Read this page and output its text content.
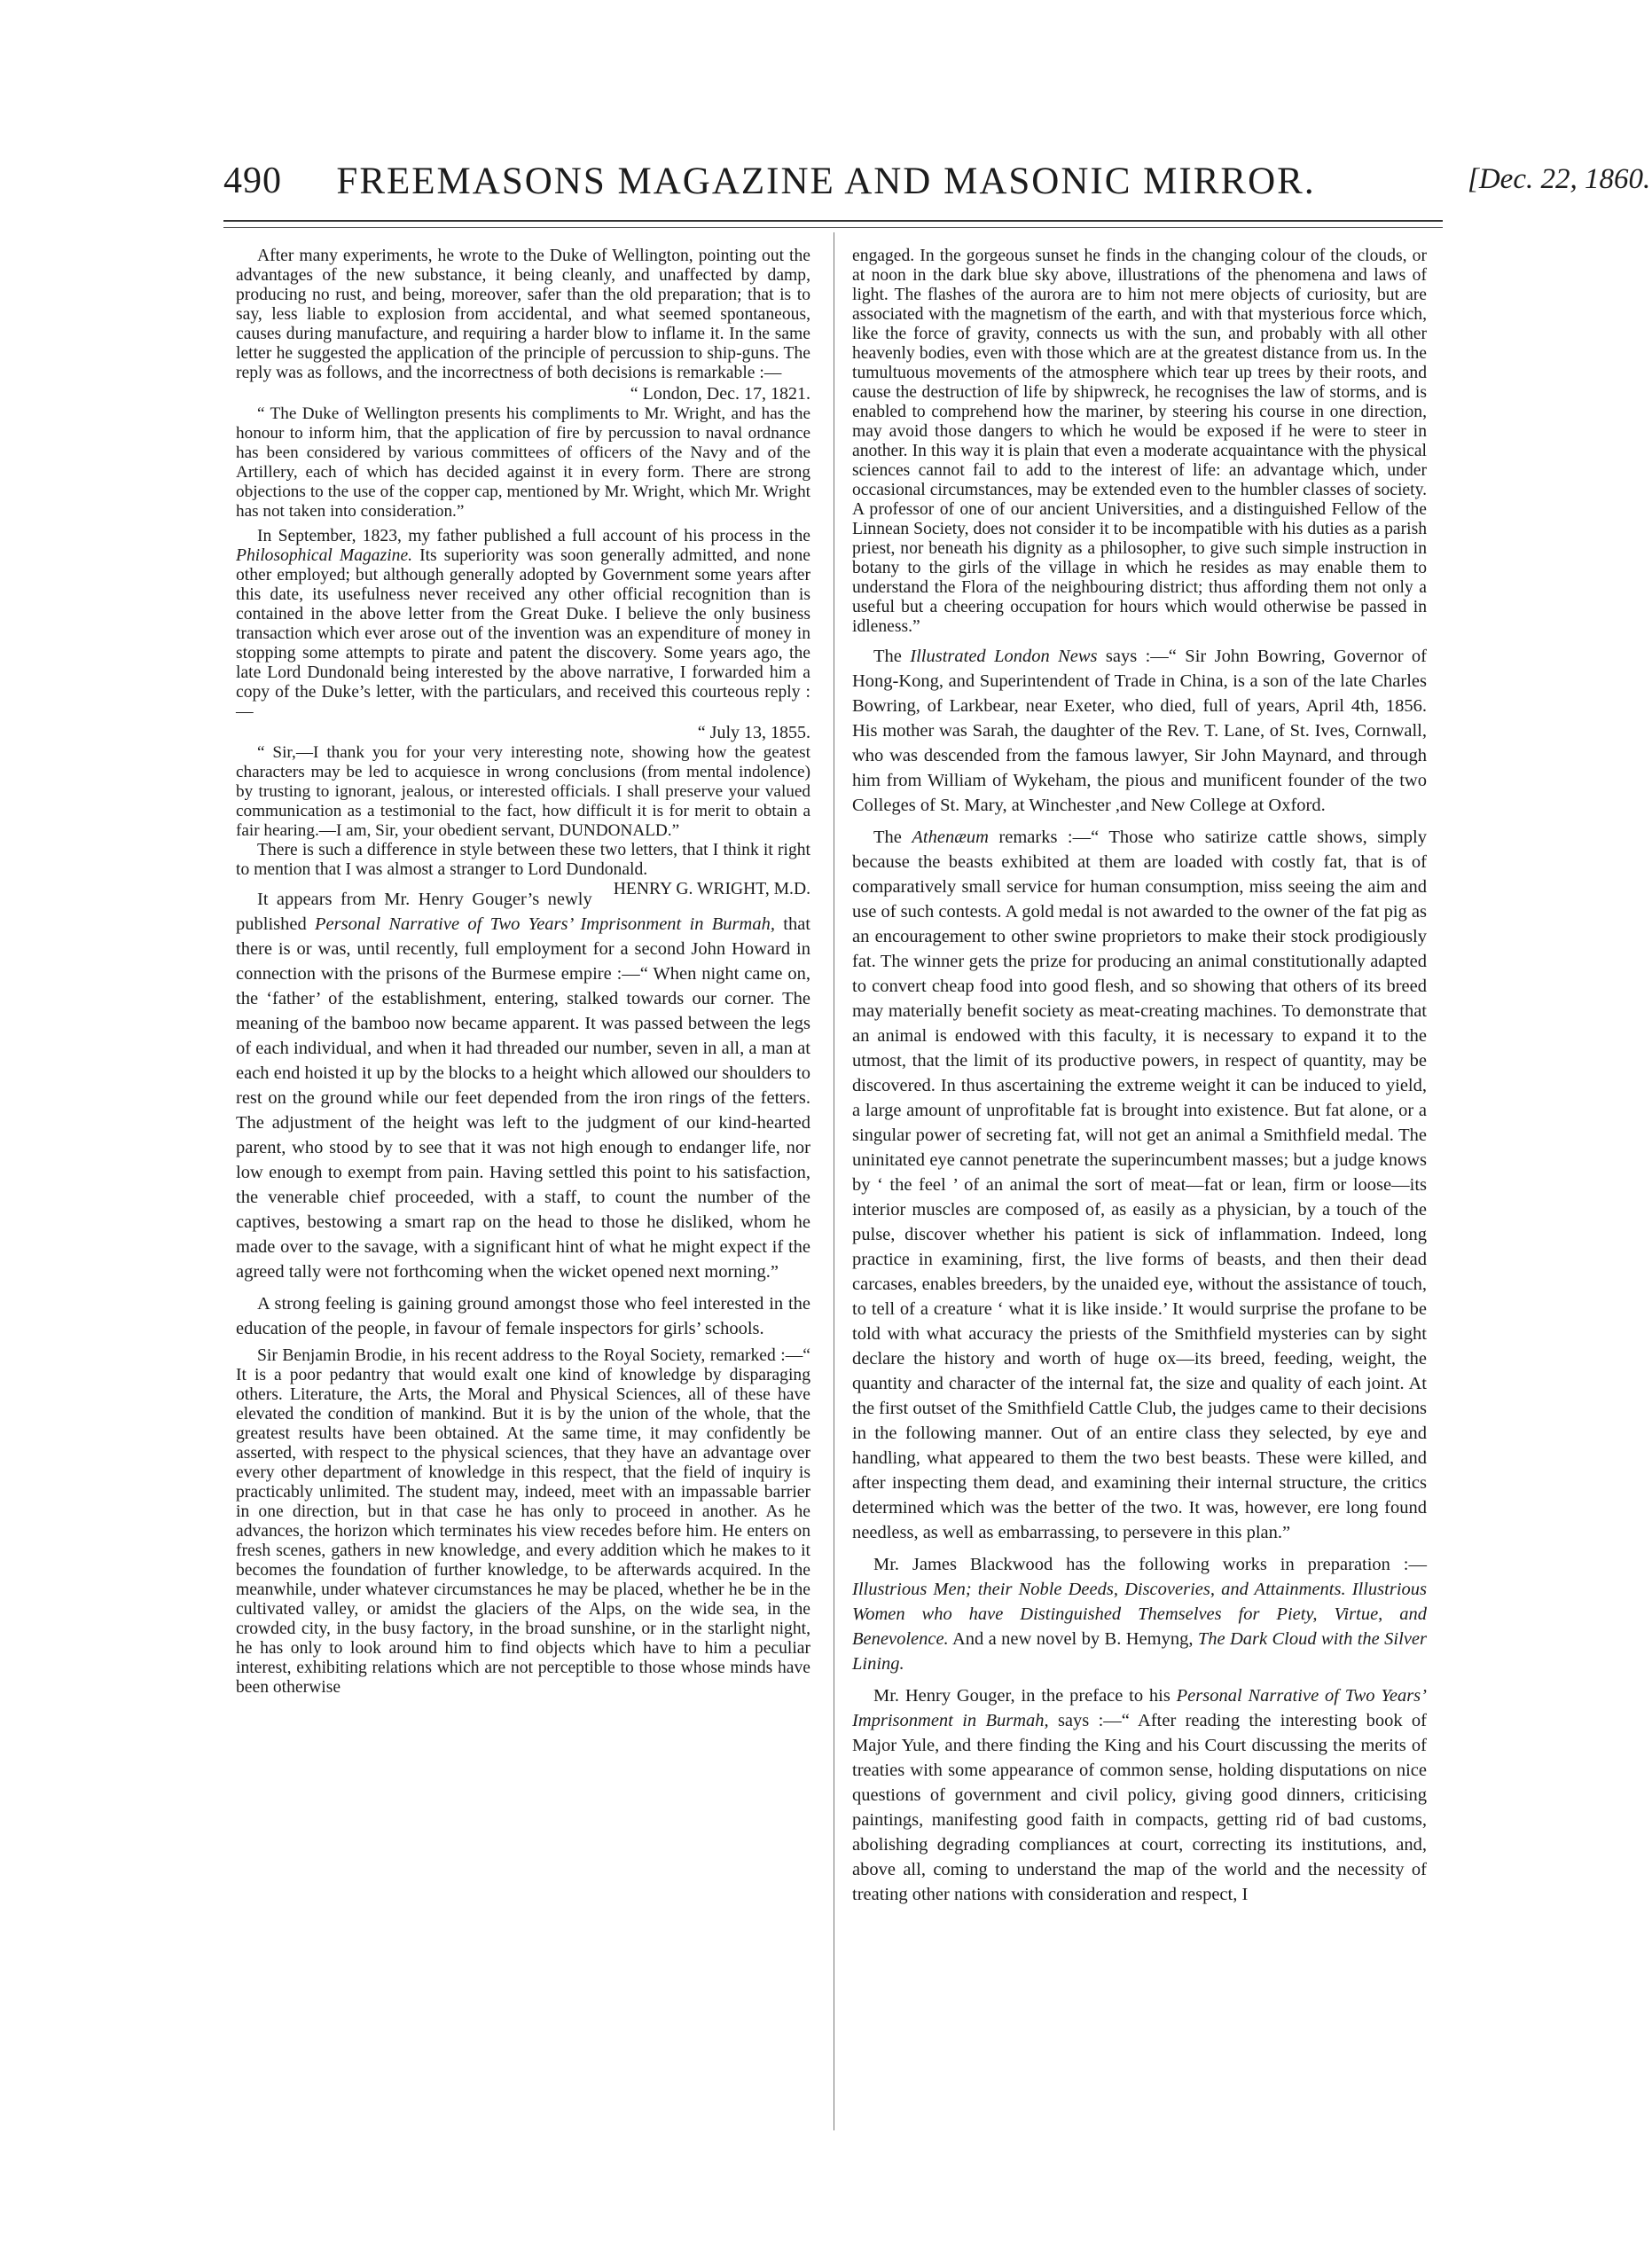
FREEMASONS MAGAZINE AND MASONIC MIRROR.
490	[Dec. 22, 1860.

After many experiments, he wrote to the Duke of Wellington, pointing out the advantages of the new substance, it being cleanly, and unaffected by damp, producing no rust, and being, moreover, safer than the old preparation; that is to say, less liable to explosion from accidental, and what seemed spontaneous, causes during manufacture, and requiring a harder blow to inflame it. In the same letter he suggested the application of the principle of percussion to ship-guns. The reply was as follows, and the incorrectness of both decisions is remarkable :—

“ London, Dec. 17, 1821.

“ The Duke of Wellington presents his compliments to Mr. Wright, and has the honour to inform him, that the application of fire by percussion to naval ordnance has been considered by various committees of officers of the Navy and of the Artillery, each of which has decided against it in every form. There are strong objections to the use of the copper cap, mentioned by Mr. Wright, which Mr. Wright has not taken into consideration.”

In September, 1823, my father published a full account of his process in the Philosophical Magazine. Its superiority was soon generally admitted, and none other employed; but although generally adopted by Government some years after this date, its usefulness never received any other official recognition than is contained in the above letter from the Great Duke. I believe the only business transaction which ever arose out of the invention was an expenditure of money in stopping some attempts to pirate and patent the discovery. Some years ago, the late Lord Dundonald being interested by the above narrative, I forwarded him a copy of the Duke’s letter, with the particulars, and received this courteous reply :—

“ July 13, 1855.

“ Sir,—I thank you for your very interesting note, showing how the geatest characters may be led to acquiesce in wrong conclusions (from mental indolence) by trusting to ignorant, jealous, or interested officials. I shall preserve your valued communication as a testimonial to the fact, how difficult it is for merit to obtain a fair hearing.—I am, Sir, your obedient servant, DUNDONALD.”

There is such a difference in style between these two letters, that I think it right to mention that I was almost a stranger to Lord Dundonald.
HENRY G. WRIGHT, M.D.

It appears from Mr. Henry Gouger’s newly published Personal Narrative of Two Years’ Imprisonment in Burmah, that there is or was, until recently, full employment for a second John Howard in connection with the prisons of the Burmese empire :—“ When night came on, the ‘father’ of the establishment, entering, stalked towards our corner. The meaning of the bamboo now became apparent. It was passed between the legs of each individual, and when it had threaded our number, seven in all, a man at each end hoisted it up by the blocks to a height which allowed our shoulders to rest on the ground while our feet depended from the iron rings of the fetters. The adjustment of the height was left to the judgment of our kind-hearted parent, who stood by to see that it was not high enough to endanger life, nor low enough to exempt from pain. Having settled this point to his satisfaction, the venerable chief proceeded, with a staff, to count the number of the captives, bestowing a smart rap on the head to those he disliked, whom he made over to the savage, with a significant hint of what he might expect if the agreed tally were not forthcoming when the wicket opened next morning.”

A strong feeling is gaining ground amongst those who feel interested in the education of the people, in favour of female inspectors for girls’ schools.

Sir Benjamin Brodie, in his recent address to the Royal Society, remarked :—“ It is a poor pedantry that would exalt one kind of knowledge by disparaging others. Literature, the Arts, the Moral and Physical Sciences, all of these have elevated the condition of mankind. But it is by the union of the whole, that the greatest results have been obtained. At the same time, it may confidently be asserted, with respect to the physical sciences, that they have an advantage over every other department of knowledge in this respect, that the field of inquiry is practicably unlimited. The student may, indeed, meet with an impassable barrier in one direction, but in that case he has only to proceed in another. As he advances, the horizon which terminates his view recedes before him. He enters on fresh scenes, gathers in new knowledge, and every addition which he makes to it becomes the foundation of further knowledge, to be afterwards acquired. In the meanwhile, under whatever circumstances he may be placed, whether he be in the cultivated valley, or amidst the glaciers of the Alps, on the wide sea, in the crowded city, in the busy factory, in the broad sunshine, or in the starlight night, he has only to look around him to find objects which have to him a peculiar interest, exhibiting relations which are not perceptible to those whose minds have been otherwise

engaged. In the gorgeous sunset he finds in the changing colour of the clouds, or at noon in the dark blue sky above, illustrations of the phenomena and laws of light. The flashes of the aurora are to him not mere objects of curiosity, but are associated with the magnetism of the earth, and with that mysterious force which, like the force of gravity, connects us with the sun, and probably with all other heavenly bodies, even with those which are at the greatest distance from us. In the tumultuous movements of the atmosphere which tear up trees by their roots, and cause the destruction of life by shipwreck, he recognises the law of storms, and is enabled to comprehend how the mariner, by steering his course in one direction, may avoid those dangers to which he would be exposed if he were to steer in another. In this way it is plain that even a moderate acquaintance with the physical sciences cannot fail to add to the interest of life: an advantage which, under occasional circumstances, may be extended even to the humbler classes of society. A professor of one of our ancient Universities, and a distinguished Fellow of the Linnean Society, does not consider it to be incompatible with his duties as a parish priest, nor beneath his dignity as a philosopher, to give such simple instruction in botany to the girls of the village in which he resides as may enable them to understand the Flora of the neighbouring district; thus affording them not only a useful but a cheering occupation for hours which would otherwise be passed in idleness.”

The Illustrated London News says :—“ Sir John Bowring, Governor of Hong-Kong, and Superintendent of Trade in China, is a son of the late Charles Bowring, of Larkbear, near Exeter, who died, full of years, April 4th, 1856. His mother was Sarah, the daughter of the Rev. T. Lane, of St. Ives, Cornwall, who was descended from the famous lawyer, Sir John Maynard, and through him from William of Wykeham, the pious and munificent founder of the two Colleges of St. Mary, at Winchester ,and New College at Oxford.

The Athenæum remarks :—“ Those who satirize cattle shows, simply because the beasts exhibited at them are loaded with costly fat, that is of comparatively small service for human consumption, miss seeing the aim and use of such contests. A gold medal is not awarded to the owner of the fat pig as an encouragement to other swine proprietors to make their stock prodigiously fat. The winner gets the prize for producing an animal constitutionally adapted to convert cheap food into good flesh, and so showing that others of its breed may materially benefit society as meat-creating machines. To demonstrate that an animal is endowed with this faculty, it is necessary to expand it to the utmost, that the limit of its productive powers, in respect of quantity, may be discovered. In thus ascertaining the extreme weight it can be induced to yield, a large amount of unprofitable fat is brought into existence. But fat alone, or a singular power of secreting fat, will not get an animal a Smithfield medal. The uninitated eye cannot penetrate the superincumbent masses; but a judge knows by ‘ the feel ’ of an animal the sort of meat—fat or lean, firm or loose—its interior muscles are composed of, as easily as a physician, by a touch of the pulse, discover whether his patient is sick of inflammation. Indeed, long practice in examining, first, the live forms of beasts, and then their dead carcases, enables breeders, by the unaided eye, without the assistance of touch, to tell of a creature ‘ what it is like inside.’ It would surprise the profane to be told with what accuracy the priests of the Smithfield mysteries can by sight declare the history and worth of huge ox—its breed, feeding, weight, the quantity and character of the internal fat, the size and quality of each joint. At the first outset of the Smithfield Cattle Club, the judges came to their decisions in the following manner. Out of an entire class they selected, by eye and handling, what appeared to them the two best beasts. These were killed, and after inspecting them dead, and examining their internal structure, the critics determined which was the better of the two. It was, however, ere long found needless, as well as embarrassing, to persevere in this plan.”

Mr. James Blackwood has the following works in preparation :— Illustrious Men; their Noble Deeds, Discoveries, and Attainments. Illustrious Women who have Distinguished Themselves for Piety, Virtue, and Benevolence. And a new novel by B. Hemyng, The Dark Cloud with the Silver Lining.

Mr. Henry Gouger, in the preface to his Personal Narrative of Two Years’ Imprisonment in Burmah, says :—“ After reading the interesting book of Major Yule, and there finding the King and his Court discussing the merits of treaties with some appearance of common sense, holding disputations on nice questions of government and civil policy, giving good dinners, criticising paintings, manifesting good faith in compacts, getting rid of bad customs, abolishing degrading compliances at court, correcting its institutions, and, above all, coming to understand the map of the world and the necessity of treating other nations with consideration and respect, I
